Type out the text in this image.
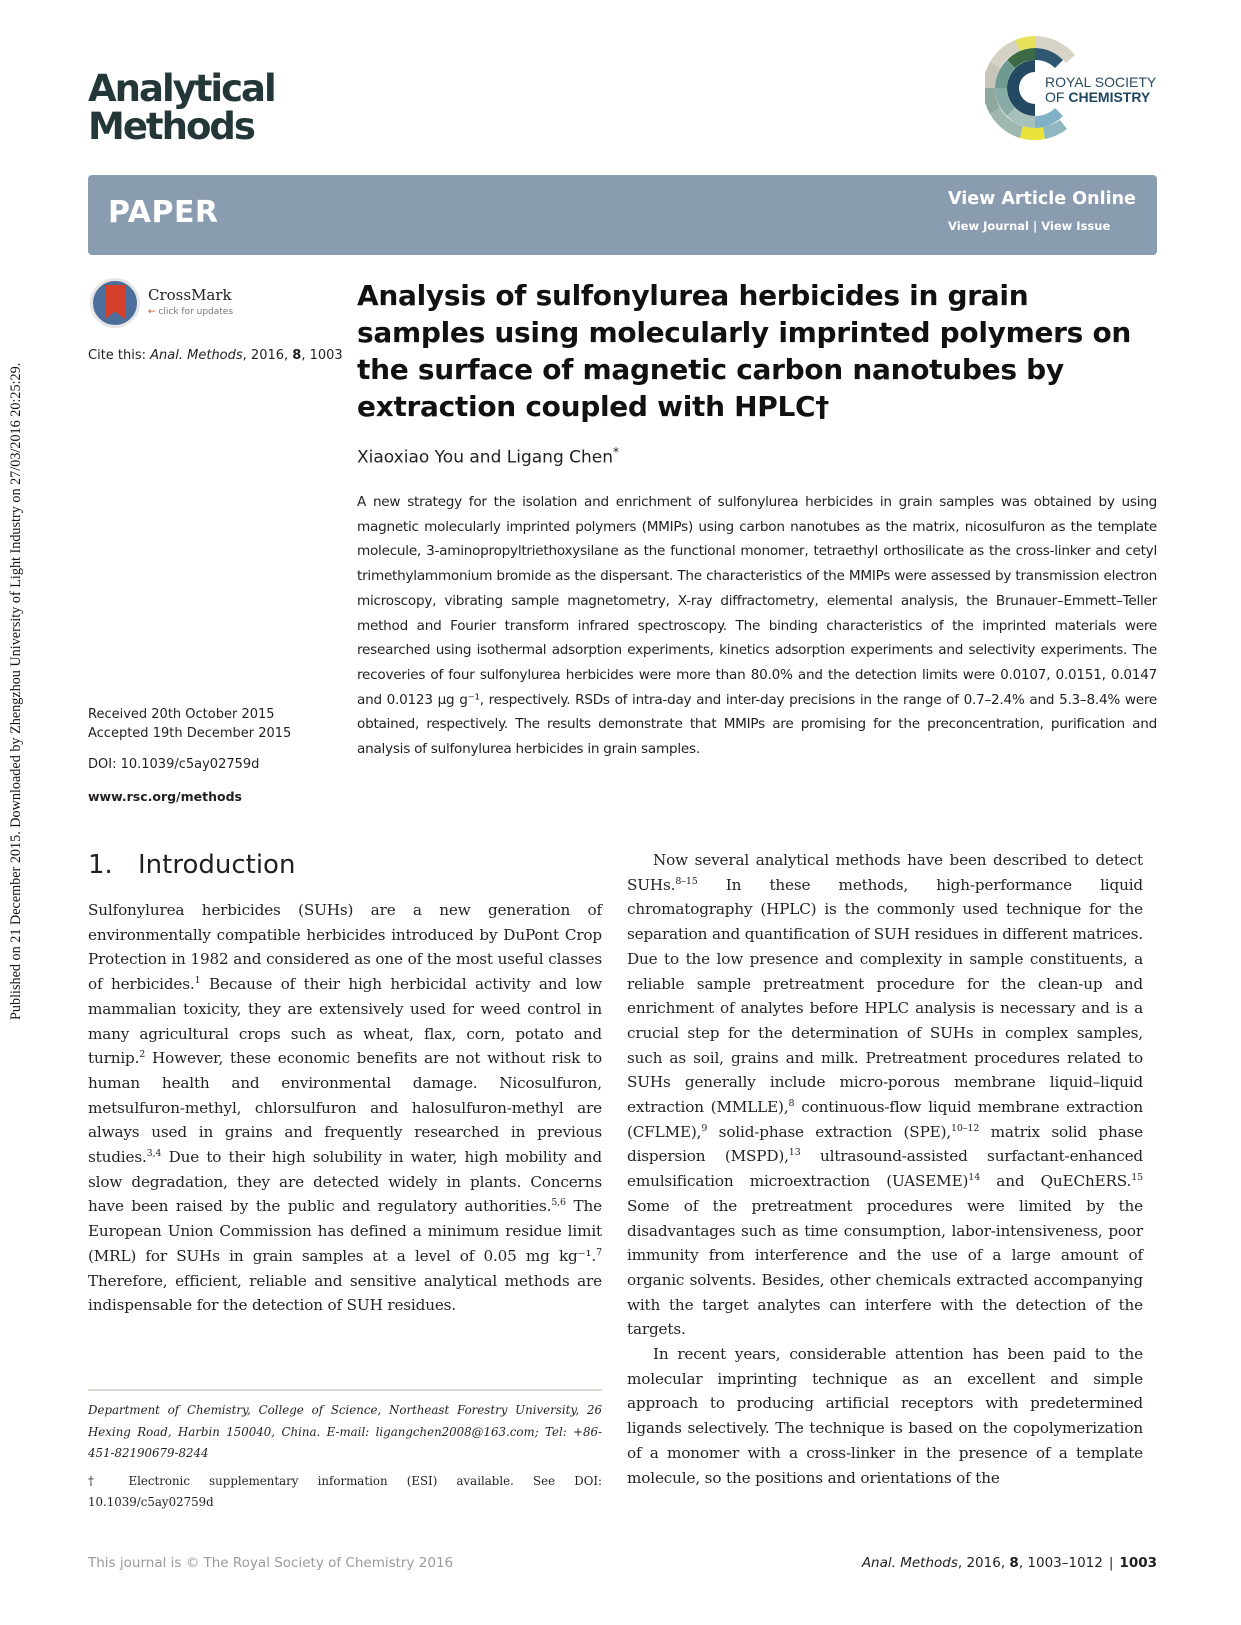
Published on 21 December 2015. Downloaded by Zhengzhou University of Light Industry on 27/03/2016 20:25:29.
Analytical
Methods
ROYAL SOCIETY
OF CHEMISTRY
PAPER	View Article Online
View Journal | View Issue
CrossMark
← click for updates
Cite this: Anal. Methods, 2016, 8, 1003
Received 20th October 2015
Accepted 19th December 2015
DOI: 10.1039/c5ay02759d
www.rsc.org/methods
Analysis of sulfonylurea herbicides in grain samples using molecularly imprinted polymers on the surface of magnetic carbon nanotubes by extraction coupled with HPLC†
Xiaoxiao You and Ligang Chen*
A new strategy for the isolation and enrichment of sulfonylurea herbicides in grain samples was obtained by using magnetic molecularly imprinted polymers (MMIPs) using carbon nanotubes as the matrix, nicosulfuron as the template molecule, 3-aminopropyltriethoxysilane as the functional monomer, tetraethyl orthosilicate as the cross-linker and cetyl trimethylammonium bromide as the dispersant. The characteristics of the MMIPs were assessed by transmission electron microscopy, vibrating sample magnetometry, X-ray diffractometry, elemental analysis, the Brunauer–Emmett–Teller method and Fourier transform infrared spectroscopy. The binding characteristics of the imprinted materials were researched using isothermal adsorption experiments, kinetics adsorption experiments and selectivity experiments. The recoveries of four sulfonylurea herbicides were more than 80.0% and the detection limits were 0.0107, 0.0151, 0.0147 and 0.0123 μg g⁻¹, respectively. RSDs of intra-day and inter-day precisions in the range of 0.7–2.4% and 5.3–8.4% were obtained, respectively. The results demonstrate that MMIPs are promising for the preconcentration, purification and analysis of sulfonylurea herbicides in grain samples.
1. Introduction

Sulfonylurea herbicides (SUHs) are a new generation of environmentally compatible herbicides introduced by DuPont Crop Protection in 1982 and considered as one of the most useful classes of herbicides.$^1$ Because of their high herbicidal activity and low mammalian toxicity, they are extensively used for weed control in many agricultural crops such as wheat, flax, corn, potato and turnip.$^2$ However, these economic benefits are not without risk to human health and environmental damage. Nicosulfuron, metsulfuron-methyl, chlorsulfuron and halosulfuron-methyl are always used in grains and frequently researched in previous studies.$^{3,4}$ Due to their high solubility in water, high mobility and slow degradation, they are detected widely in plants. Concerns have been raised by the public and regulatory authorities.$^{5,6}$ The European Union Commission has defined a minimum residue limit (MRL) for SUHs in grain samples at a level of 0.05 mg kg⁻¹.$^7$ Therefore, efficient, reliable and sensitive analytical methods are indispensable for the detection of SUH residues.

Now several analytical methods have been described to detect SUHs.$^{8-15}$ In these methods, high-performance liquid chromatography (HPLC) is the commonly used technique for the separation and quantification of SUH residues in different matrices. Due to the low presence and complexity in sample constituents, a reliable sample pretreatment procedure for the clean-up and enrichment of analytes before HPLC analysis is necessary and is a crucial step for the determination of SUHs in complex samples, such as soil, grains and milk. Pretreatment procedures related to SUHs generally include micro-porous membrane liquid–liquid extraction (MMLLE),$^8$ continuous-flow liquid membrane extraction (CFLME),$^9$ solid-phase extraction (SPE),$^{10-12}$ matrix solid phase dispersion (MSPD),$^{13}$ ultrasound-assisted surfactant-enhanced emulsification microextraction (UASEME)$^{14}$ and QuEChERS.$^{15}$ Some of the pretreatment procedures were limited by the disadvantages such as time consumption, labor-intensiveness, poor immunity from interference and the use of a large amount of organic solvents. Besides, other chemicals extracted accompanying with the target analytes can interfere with the detection of the targets.

In recent years, considerable attention has been paid to the molecular imprinting technique as an excellent and simple approach to producing artificial receptors with predetermined ligands selectively. The technique is based on the copolymerization of a monomer with a cross-linker in the presence of a template molecule, so the positions and orientations of the

Department of Chemistry, College of Science, Northeast Forestry University, 26 Hexing Road, Harbin 150040, China. E-mail: ligangchen2008@163.com; Tel: +86-451-82190679-8244
† Electronic supplementary information (ESI) available. See DOI: 10.1039/c5ay02759d
This journal is © The Royal Society of Chemistry 2016	Anal. Methods, 2016, 8, 1003–1012 | 1003
